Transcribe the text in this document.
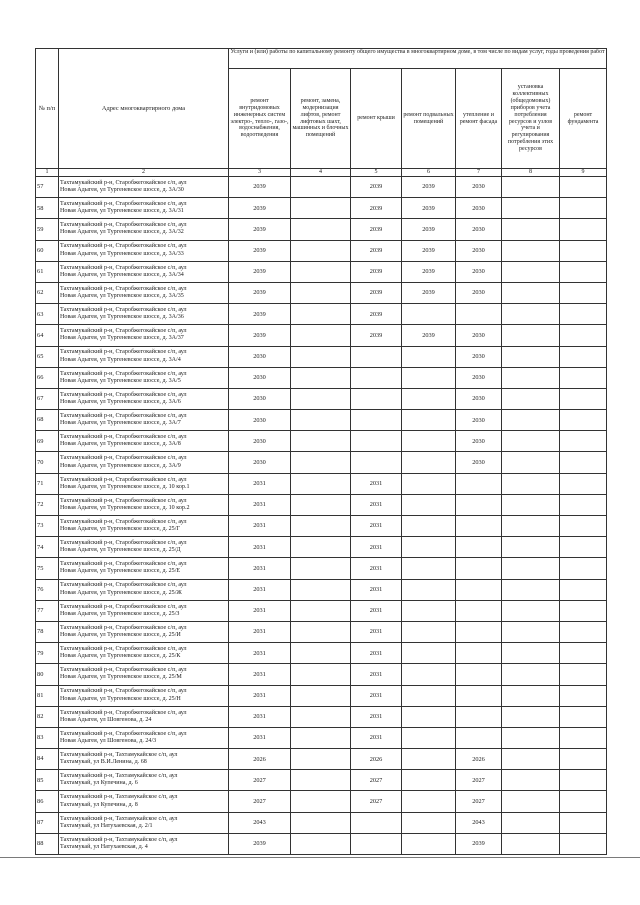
№ п/п	Адрес многоквартирного дома	Услуги и (или) работы по капитальному ремонту общего имущества в многоквартирном доме, в том числе по видам услуг, годы проведения работ						
		ремонт внутридомовых инженерных систем электро-, тепло-, газо-, водоснабжения, водоотведения	ремонт, замена, модернизация лифтов, ремонт лифтовых шахт, машинных и блочных помещений	ремонт крыши	ремонт подвальных помещений	утепление и ремонт фасада	установка коллективных (общедомовых) приборов учета потребления ресурсов и узлов учета и регулирования потребления этих ресурсов	ремонт фундамента
1	2	3	4	5	6	7	8	9
57	Тахтамукайский р-н, Старобжегокайское с/п, аул
Новая Адыгея, ул Тургеневское шоссе, д. 3А/30	2039		2039	2039	2030		
58	Тахтамукайский р-н, Старобжегокайское с/п, аул
Новая Адыгея, ул Тургеневское шоссе, д. 3А/31	2039		2039	2039	2030		
59	Тахтамукайский р-н, Старобжегокайское с/п, аул
Новая Адыгея, ул Тургеневское шоссе, д. 3А/32	2039		2039	2039	2030		
60	Тахтамукайский р-н, Старобжегокайское с/п, аул
Новая Адыгея, ул Тургеневское шоссе, д. 3А/33	2039		2039	2039	2030		
61	Тахтамукайский р-н, Старобжегокайское с/п, аул
Новая Адыгея, ул Тургеневское шоссе, д. 3А/34	2039		2039	2039	2030		
62	Тахтамукайский р-н, Старобжегокайское с/п, аул
Новая Адыгея, ул Тургеневское шоссе, д. 3А/35	2039		2039	2039	2030		
63	Тахтамукайский р-н, Старобжегокайское с/п, аул
Новая Адыгея, ул Тургеневское шоссе, д. 3А/36	2039		2039				
64	Тахтамукайский р-н, Старобжегокайское с/п, аул
Новая Адыгея, ул Тургеневское шоссе, д. 3А/37	2039		2039	2039	2030		
65	Тахтамукайский р-н, Старобжегокайское с/п, аул
Новая Адыгея, ул Тургеневское шоссе, д. 3А/4	2030				2030		
66	Тахтамукайский р-н, Старобжегокайское с/п, аул
Новая Адыгея, ул Тургеневское шоссе, д. 3А/5	2030				2030		
67	Тахтамукайский р-н, Старобжегокайское с/п, аул
Новая Адыгея, ул Тургеневское шоссе, д. 3А/6	2030				2030		
68	Тахтамукайский р-н, Старобжегокайское с/п, аул
Новая Адыгея, ул Тургеневское шоссе, д. 3А/7	2030				2030		
69	Тахтамукайский р-н, Старобжегокайское с/п, аул
Новая Адыгея, ул Тургеневское шоссе, д. 3А/8	2030				2030		
70	Тахтамукайский р-н, Старобжегокайское с/п, аул
Новая Адыгея, ул Тургеневское шоссе, д. 3А/9	2030				2030		
71	Тахтамукайский р-н, Старобжегокайское с/п, аул
Новая Адыгея, ул Тургеневское шоссе, д. 10 кор.1	2031		2031				
72	Тахтамукайский р-н, Старобжегокайское с/п, аул
Новая Адыгея, ул Тургеневское шоссе, д. 10 кор.2	2031		2031				
73	Тахтамукайский р-н, Старобжегокайское с/п, аул
Новая Адыгея, ул Тургеневское шоссе, д. 25/Г	2031		2031				
74	Тахтамукайский р-н, Старобжегокайское с/п, аул
Новая Адыгея, ул Тургеневское шоссе, д. 25/Д	2031		2031				
75	Тахтамукайский р-н, Старобжегокайское с/п, аул
Новая Адыгея, ул Тургеневское шоссе, д. 25/Е	2031		2031				
76	Тахтамукайский р-н, Старобжегокайское с/п, аул
Новая Адыгея, ул Тургеневское шоссе, д. 25/Ж	2031		2031				
77	Тахтамукайский р-н, Старобжегокайское с/п, аул
Новая Адыгея, ул Тургеневское шоссе, д. 25/З	2031		2031				
78	Тахтамукайский р-н, Старобжегокайское с/п, аул
Новая Адыгея, ул Тургеневское шоссе, д. 25/И	2031		2031				
79	Тахтамукайский р-н, Старобжегокайское с/п, аул
Новая Адыгея, ул Тургеневское шоссе, д. 25/К	2031		2031				
80	Тахтамукайский р-н, Старобжегокайское с/п, аул
Новая Адыгея, ул Тургеневское шоссе, д. 25/М	2031		2031				
81	Тахтамукайский р-н, Старобжегокайское с/п, аул
Новая Адыгея, ул Тургеневское шоссе, д. 25/Н	2031		2031				
82	Тахтамукайский р-н, Старобжегокайское с/п, аул
Новая Адыгея, ул Шовгенова, д. 24	2031		2031				
83	Тахтамукайский р-н, Старобжегокайское с/п, аул
Новая Адыгея, ул Шовгенова, д. 24/3	2031		2031				
84	Тахтамукайский р-н, Тахтамукайское с/п, аул
Тахтамукай, ул В.И.Ленина, д. 68	2026		2026		2026		
85	Тахтамукайский р-н, Тахтамукайское с/п, аул
Тахтамукай, ул Купечина, д. 6	2027		2027		2027		
86	Тахтамукайский р-н, Тахтамукайское с/п, аул
Тахтамукай, ул Купечина, д. 8	2027		2027		2027		
87	Тахтамукайский р-н, Тахтамукайское с/п, аул
Тахтамукай, ул Натухаевская, д. 2/1	2043				2043		
88	Тахтамукайский р-н, Тахтамукайское с/п, аул
Тахтамукай, ул Натухаевская, д. 4	2039				2039		
